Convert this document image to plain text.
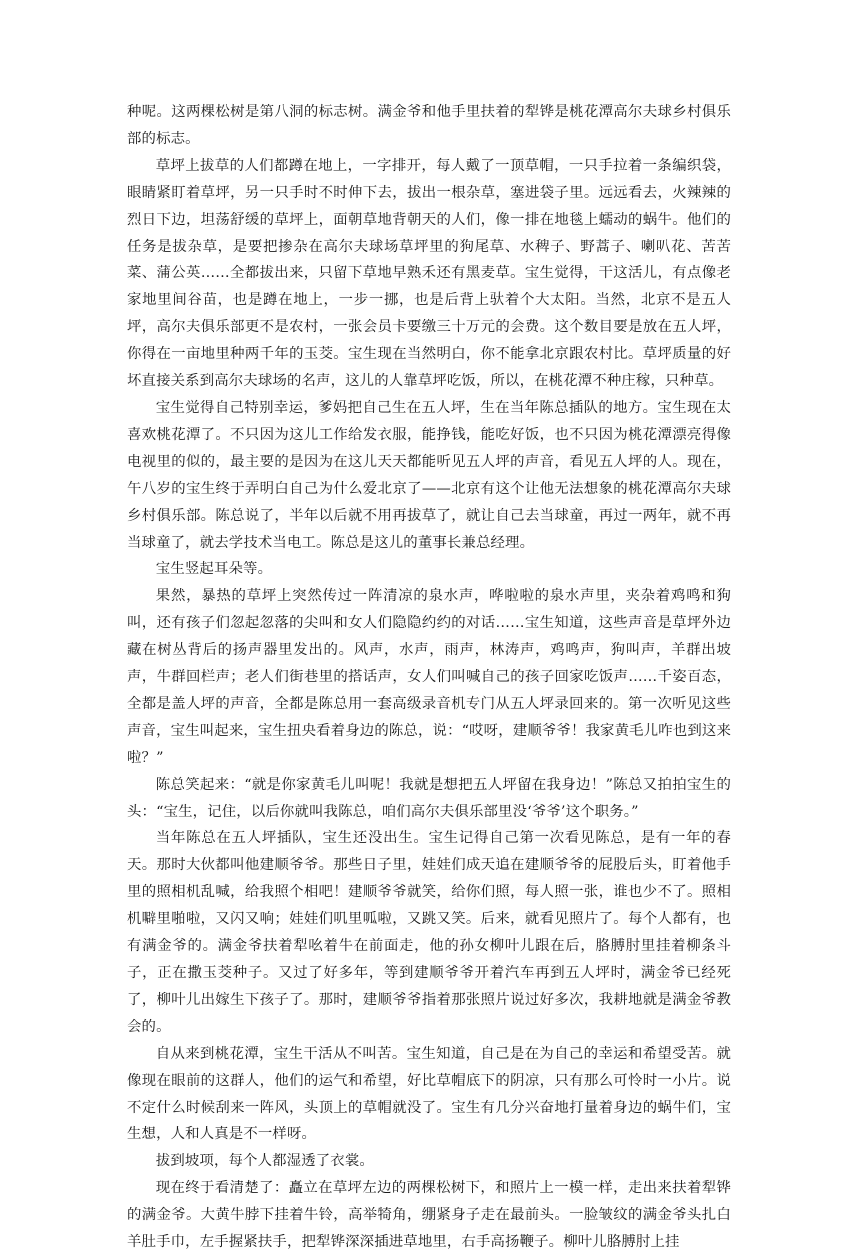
种呢。这两棵松树是第八洞的标志树。满金爷和他手里扶着的犁铧是桃花潭高尔夫球乡村俱乐部的标志。

草坪上拔草的人们都蹲在地上，一字排开，每人戴了一顶草帽，一只手拉着一条编织袋，眼睛紧盯着草坪，另一只手时不时伸下去，拔出一根杂草，塞进袋子里。远远看去，火辣辣的烈日下边，坦荡舒缓的草坪上，面朝草地背朝天的人们，像一排在地毯上蠕动的蜗牛。他们的任务是拔杂草，是要把掺杂在高尔夫球场草坪里的狗尾草、水稗子、野蒿子、喇叭花、苦苦菜、蒲公英……全都拔出来，只留下草地早熟禾还有黑麦草。宝生觉得，干这活儿，有点像老家地里间谷苗，也是蹲在地上，一步一挪，也是后背上驮着个大太阳。当然，北京不是五人坪，高尔夫俱乐部更不是农村，一张会员卡要缴三十万元的会费。这个数目要是放在五人坪，你得在一亩地里种两千年的玉茭。宝生现在当然明白，你不能拿北京跟农村比。草坪质量的好坏直接关系到高尔夫球场的名声，这儿的人靠草坪吃饭，所以，在桃花潭不种庄稼，只种草。

宝生觉得自己特别幸运，爹妈把自己生在五人坪，生在当年陈总插队的地方。宝生现在太喜欢桃花潭了。不只因为这儿工作给发衣服，能挣钱，能吃好饭，也不只因为桃花潭漂亮得像电视里的似的，最主要的是因为在这儿天天都能听见五人坪的声音，看见五人坪的人。现在，午八岁的宝生终于弄明白自己为什么爱北京了——北京有这个让他无法想象的桃花潭高尔夫球乡村俱乐部。陈总说了，半年以后就不用再拔草了，就让自己去当球童，再过一两年，就不再当球童了，就去学技术当电工。陈总是这儿的董事长兼总经理。

宝生竖起耳朵等。

果然，暴热的草坪上突然传过一阵清凉的泉水声，哗啦啦的泉水声里，夹杂着鸡鸣和狗叫，还有孩子们忽起忽落的尖叫和女人们隐隐约约的对话……宝生知道，这些声音是草坪外边藏在树丛背后的扬声器里发出的。风声，水声，雨声，林涛声，鸡鸣声，狗叫声，羊群出坡声，牛群回栏声；老人们街巷里的搭话声，女人们叫喊自己的孩子回家吃饭声……千姿百态，全都是盖人坪的声音，全都是陈总用一套高级录音机专门从五人坪录回来的。第一次听见这些声音，宝生叫起来，宝生扭央看着身边的陈总，说：“哎呀，建顺爷爷！我家黄毛儿咋也到这来啦？”

陈总笑起来：“就是你家黄毛儿叫呢！我就是想把五人坪留在我身边！”陈总又拍拍宝生的头：“宝生，记住，以后你就叫我陈总，咱们高尔夫俱乐部里没‘爷爷’这个职务。”

当年陈总在五人坪插队，宝生还没出生。宝生记得自己第一次看见陈总，是有一年的春天。那时大伙都叫他建顺爷爷。那些日子里，娃娃们成天追在建顺爷爷的屁股后头，盯着他手里的照相机乱喊，给我照个相吧！建顺爷爷就笑，给你们照，每人照一张，谁也少不了。照相机噼里啪啦，又闪又响；娃娃们叽里呱啦，又跳又笑。后来，就看见照片了。每个人都有，也有满金爷的。满金爷扶着犁吆着牛在前面走，他的孙女柳叶儿跟在后，胳膊肘里挂着柳条斗子，正在撒玉茭种子。又过了好多年，等到建顺爷爷开着汽车再到五人坪时，满金爷已经死了，柳叶儿出嫁生下孩子了。那时，建顺爷爷指着那张照片说过好多次，我耕地就是满金爷教会的。

自从来到桃花潭，宝生干活从不叫苦。宝生知道，自己是在为自己的幸运和希望受苦。就像现在眼前的这群人，他们的运气和希望，好比草帽底下的阴凉，只有那么可怜时一小片。说不定什么时候刮来一阵风，头顶上的草帽就没了。宝生有几分兴奋地打量着身边的蜗牛们，宝生想，人和人真是不一样呀。

拔到坡项，每个人都湿透了衣裳。

现在终于看清楚了：矗立在草坪左边的两棵松树下，和照片上一模一样，走出来扶着犁铧的满金爷。大黄牛脖下挂着牛铃，高举犄角，绷紧身子走在最前头。一脸皱纹的满金爷头扎白羊肚手巾，左手握紧扶手，把犁铧深深插进草地里，右手高扬鞭子。柳叶儿胳膊肘上挂
